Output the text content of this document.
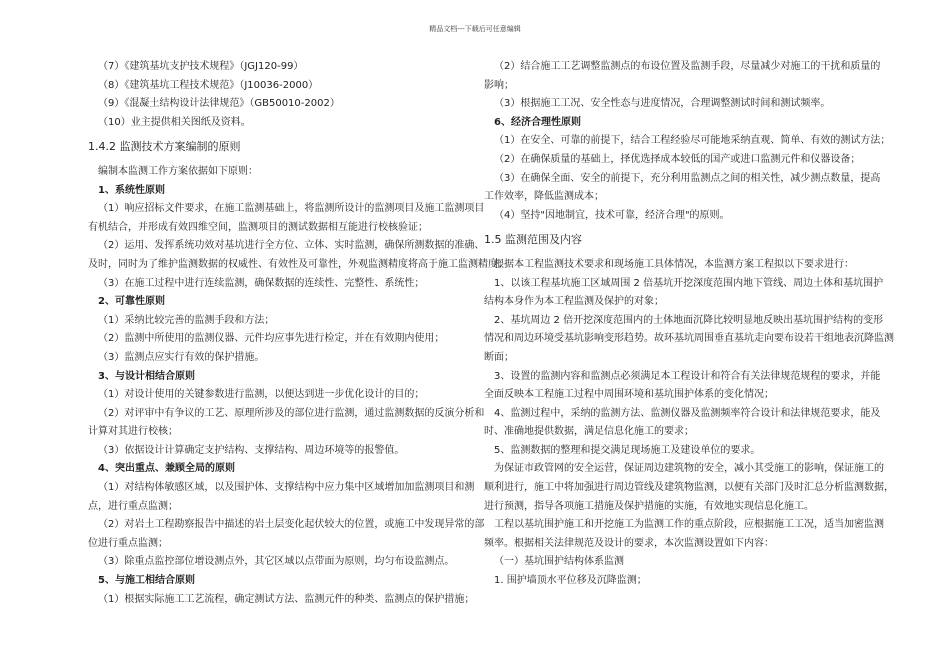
精品文档---下载后可任意编辑
（7）《建筑基坑支护技术规程》（JGJ120-99）
（8）《建筑基坑工程技术规范》（J10036-2000）
（9）《混凝土结构设计法律规范》（GB50010-2002）
（10）业主提供相关图纸及资料。
1.4.2 监测技术方案编制的原则
编制本监测工作方案依据如下原则：
1、系统性原则
（1）响应招标文件要求，在施工监测基础上，将监测所设计的监测项目及施工监测项目
有机结合，并形成有效四维空间，监测项目的测试数据相互能进行校核验证；
（2）运用、发挥系统功效对基坑进行全方位、立体、实时监测，确保所测数据的准确、
及时，同时为了维护监测数据的权威性、有效性及可靠性，外观监测精度将高于施工监测精度；
（3）在施工过程中进行连续监测，确保数据的连续性、完整性、系统性；
2、可靠性原则
（1）采纳比较完善的监测手段和方法；
（2）监测中所使用的监测仪器、元件均应事先进行检定，并在有效期内使用；
（3）监测点应实行有效的保护措施。
3、与设计相结合原则
（1）对设计使用的关键参数进行监测，以便达到进一步优化设计的目的；
（2）对评审中有争议的工艺、原理所涉及的部位进行监测，通过监测数据的反演分析和
计算对其进行校核；
（3）依据设计计算确定支护结构、支撑结构、周边环境等的报警值。
4、突出重点、兼顾全局的原则
（1）对结构体敏感区域，以及围护体、支撑结构中应力集中区域增加加监测项目和测
点，进行重点监测；
（2）对岩土工程勘察报告中描述的岩土层变化起伏较大的位置，或施工中发现异常的部
位进行重点监测；
（3）除重点监控部位增设测点外，其它区域以点带面为原则，均匀布设监测点。
5、与施工相结合原则
（1）根据实际施工工艺流程，确定测试方法、监测元件的种类、监测点的保护措施；
（2）结合施工工艺调整监测点的布设位置及监测手段，尽量减少对施工的干扰和质量的
影响；
（3）根据施工工况、安全性态与进度情况，合理调整测试时间和测试频率。
6、经济合理性原则
（1）在安全、可靠的前提下，结合工程经验尽可能地采纳直观、简单、有效的测试方法；
（2）在确保质量的基础上，择优选择成本较低的国产或进口监测元件和仪器设备；
（3）在确保全面、安全的前提下，充分利用监测点之间的相关性，减少测点数量，提高
工作效率，降低监测成本；
（4）坚持"因地制宜，技术可靠，经济合理"的原则。
1.5 监测范围及内容
根据本工程监测技术要求和现场施工具体情况，本监测方案工程拟以下要求进行：
1、以该工程基坑施工区域周围 2 倍基坑开挖深度范围内地下管线、周边土体和基坑围护
结构本身作为本工程监测及保护的对象；
2、基坑周边 2 倍开挖深度范围内的土体地面沉降比较明显地反映出基坑围护结构的变形
情况和周边环境受基坑影响变形趋势。故环基坑周围垂直基坑走向要布设若干组地表沉降监测
断面；
3、设置的监测内容和监测点必须满足本工程设计和符合有关法律规范规程的要求，并能
全面反映本工程施工过程中周围环境和基坑围护体系的变化情况；
4、监测过程中，采纳的监测方法、监测仪器及监测频率符合设计和法律规范要求，能及
时、准确地提供数据，满足信息化施工的要求；
5、监测数据的整理和提交满足现场施工及建设单位的要求。
为保证市政管网的安全运营，保证周边建筑物的安全，减小其受施工的影响，保证施工的
顺利进行，施工中将加强进行周边管线及建筑物监测，以便有关部门及时汇总分析监测数据，
进行预测，指导各项施工措施及保护措施的实施，有效地实现信息化施工。
工程以基坑围护施工和开挖施工为监测工作的重点阶段，应根据施工工况，适当加密监测
频率。根据相关法律规范及设计的要求，本次监测设置如下内容：
（一）基坑围护结构体系监测
1. 围护墙顶水平位移及沉降监测；
